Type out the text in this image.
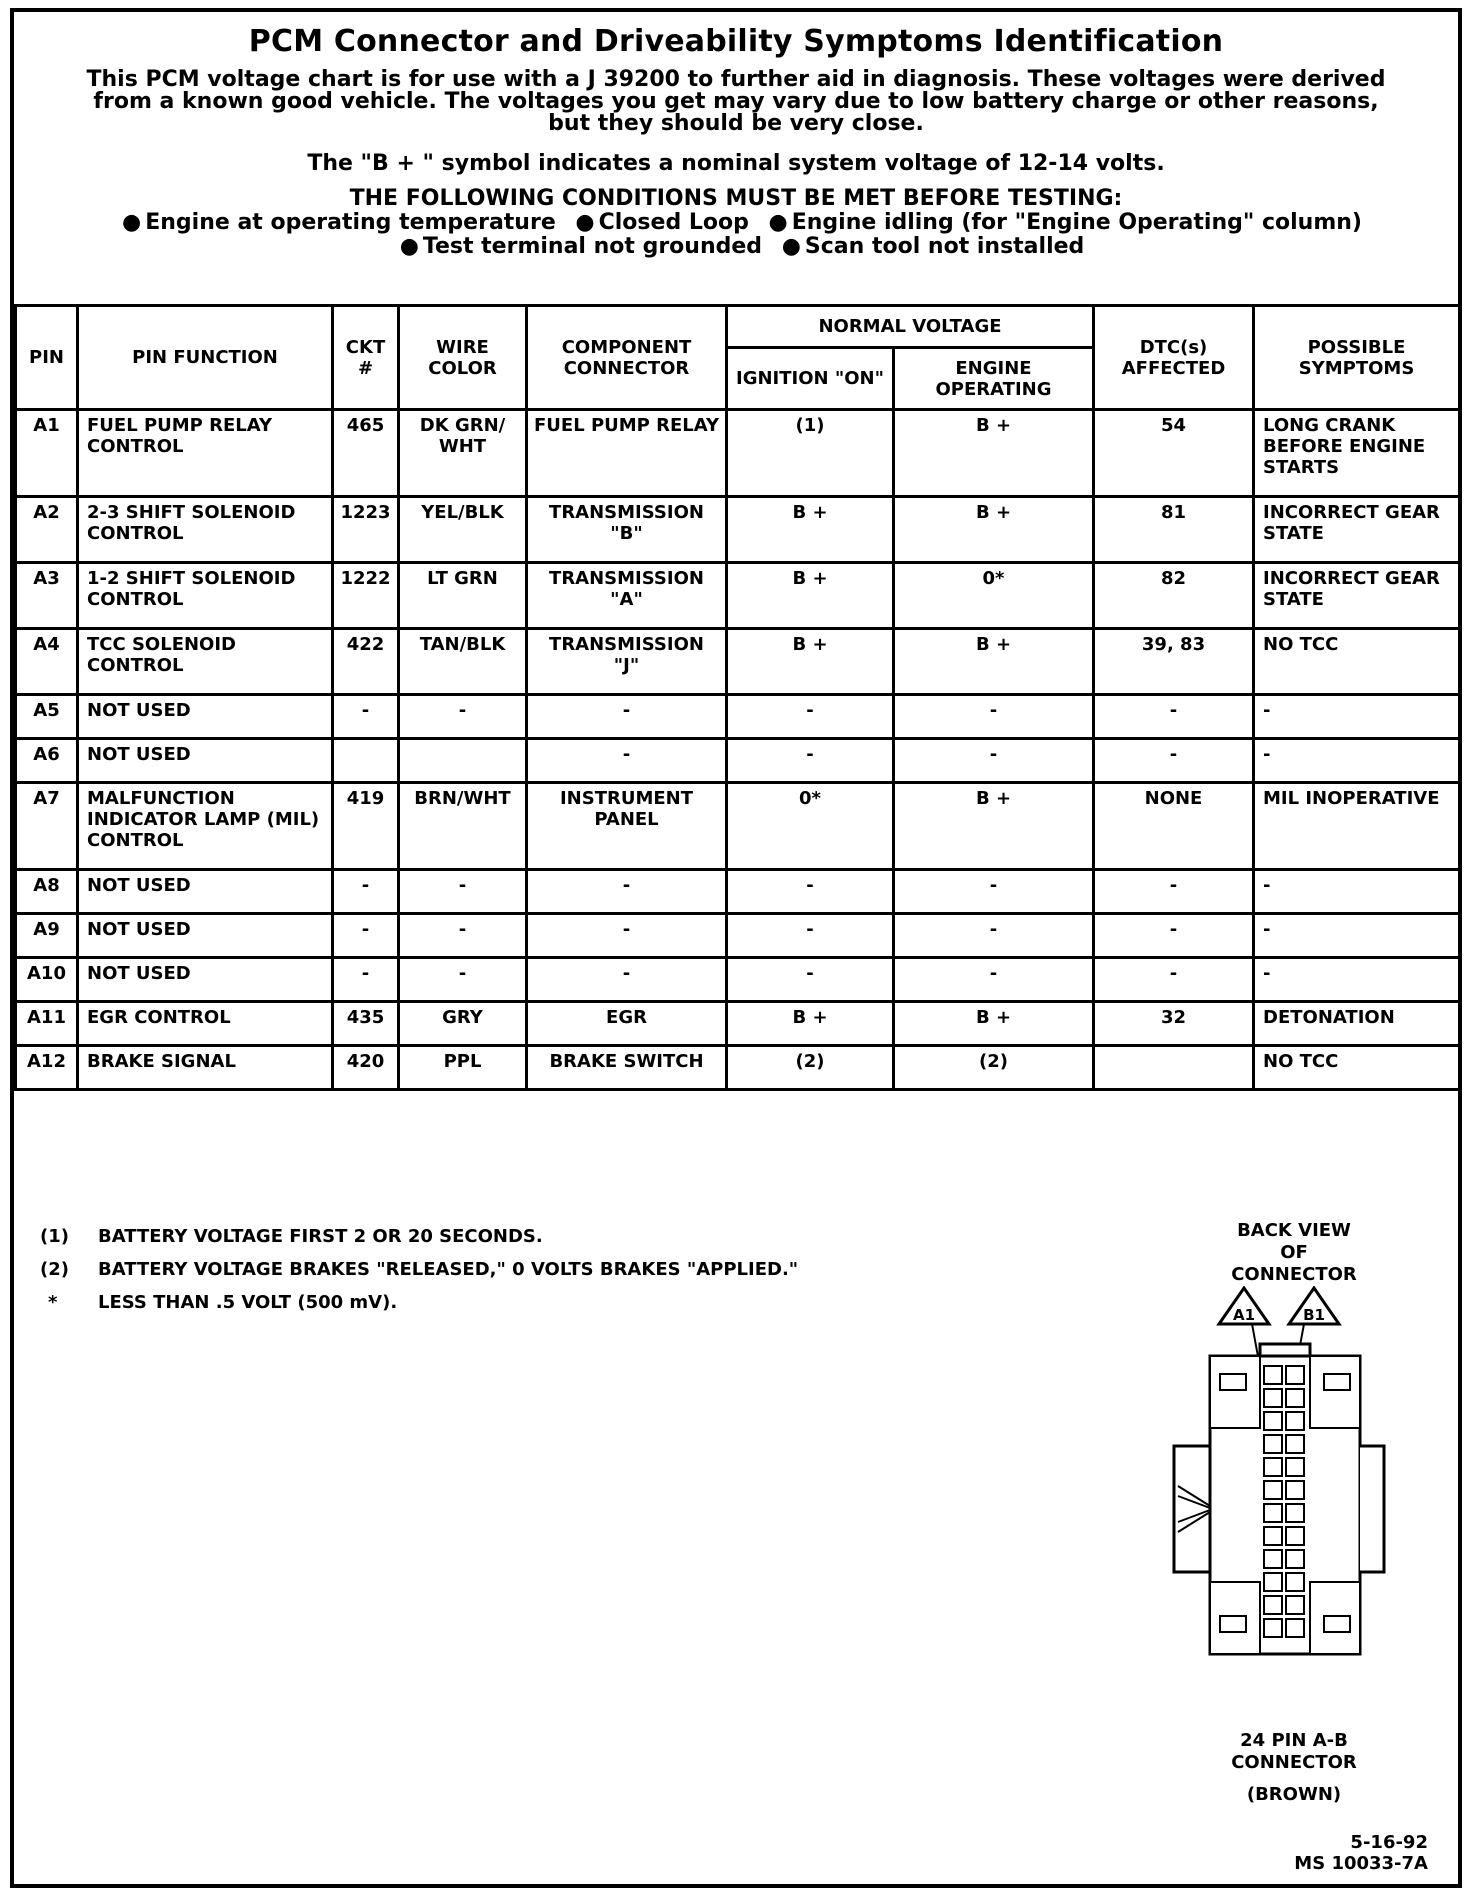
PCM Connector and Driveability Symptoms Identification
This PCM voltage chart is for use with a J 39200 to further aid in diagnosis. These voltages were derived
from a known good vehicle. The voltages you get may vary due to low battery charge or other reasons,
but they should be very close.
The "B + " symbol indicates a nominal system voltage of 12-14 volts.
THE FOLLOWING CONDITIONS MUST BE MET BEFORE TESTING:
● Engine at operating temperature ● Closed Loop ● Engine idling (for "Engine Operating" column)
● Test terminal not grounded ● Scan tool not installed
PIN	PIN FUNCTION	CKT #	WIRE COLOR	COMPONENT CONNECTOR	NORMAL VOLTAGE		DTC(s) AFFECTED	POSSIBLE SYMPTOMS
					IGNITION "ON"	ENGINE OPERATING		
A1	FUEL PUMP RELAY CONTROL	465	DK GRN/ WHT	FUEL PUMP RELAY	(1)	B +	54	LONG CRANK BEFORE ENGINE STARTS
A2	2-3 SHIFT SOLENOID CONTROL	1223	YEL/BLK	TRANSMISSION "B"	B +	B +	81	INCORRECT GEAR STATE
A3	1-2 SHIFT SOLENOID CONTROL	1222	LT GRN	TRANSMISSION "A"	B +	0*	82	INCORRECT GEAR STATE
A4	TCC SOLENOID CONTROL	422	TAN/BLK	TRANSMISSION "J"	B +	B +	39, 83	NO TCC
A5	NOT USED	-	-	-	-	-	-	-
A6	NOT USED			-	-	-	-	-
A7	MALFUNCTION INDICATOR LAMP (MIL) CONTROL	419	BRN/WHT	INSTRUMENT PANEL	0*	B +	NONE	MIL INOPERATIVE
A8	NOT USED	-	-	-	-	-	-	-
A9	NOT USED	-	-	-	-	-	-	-
A10	NOT USED	-	-	-	-	-	-	-
A11	EGR CONTROL	435	GRY	EGR	B +	B +	32	DETONATION
A12	BRAKE SIGNAL	420	PPL	BRAKE SWITCH	(2)	(2)		NO TCC
(1)	BATTERY VOLTAGE FIRST 2 OR 20 SECONDS.
(2)	BATTERY VOLTAGE BRAKES "RELEASED," 0 VOLTS BRAKES "APPLIED."
*	LESS THAN .5 VOLT (500 mV).
BACK VIEW
OF
CONNECTOR
A1	B1
24 PIN A-B
CONNECTOR
(BROWN)
5-16-92
MS 10033-7A
